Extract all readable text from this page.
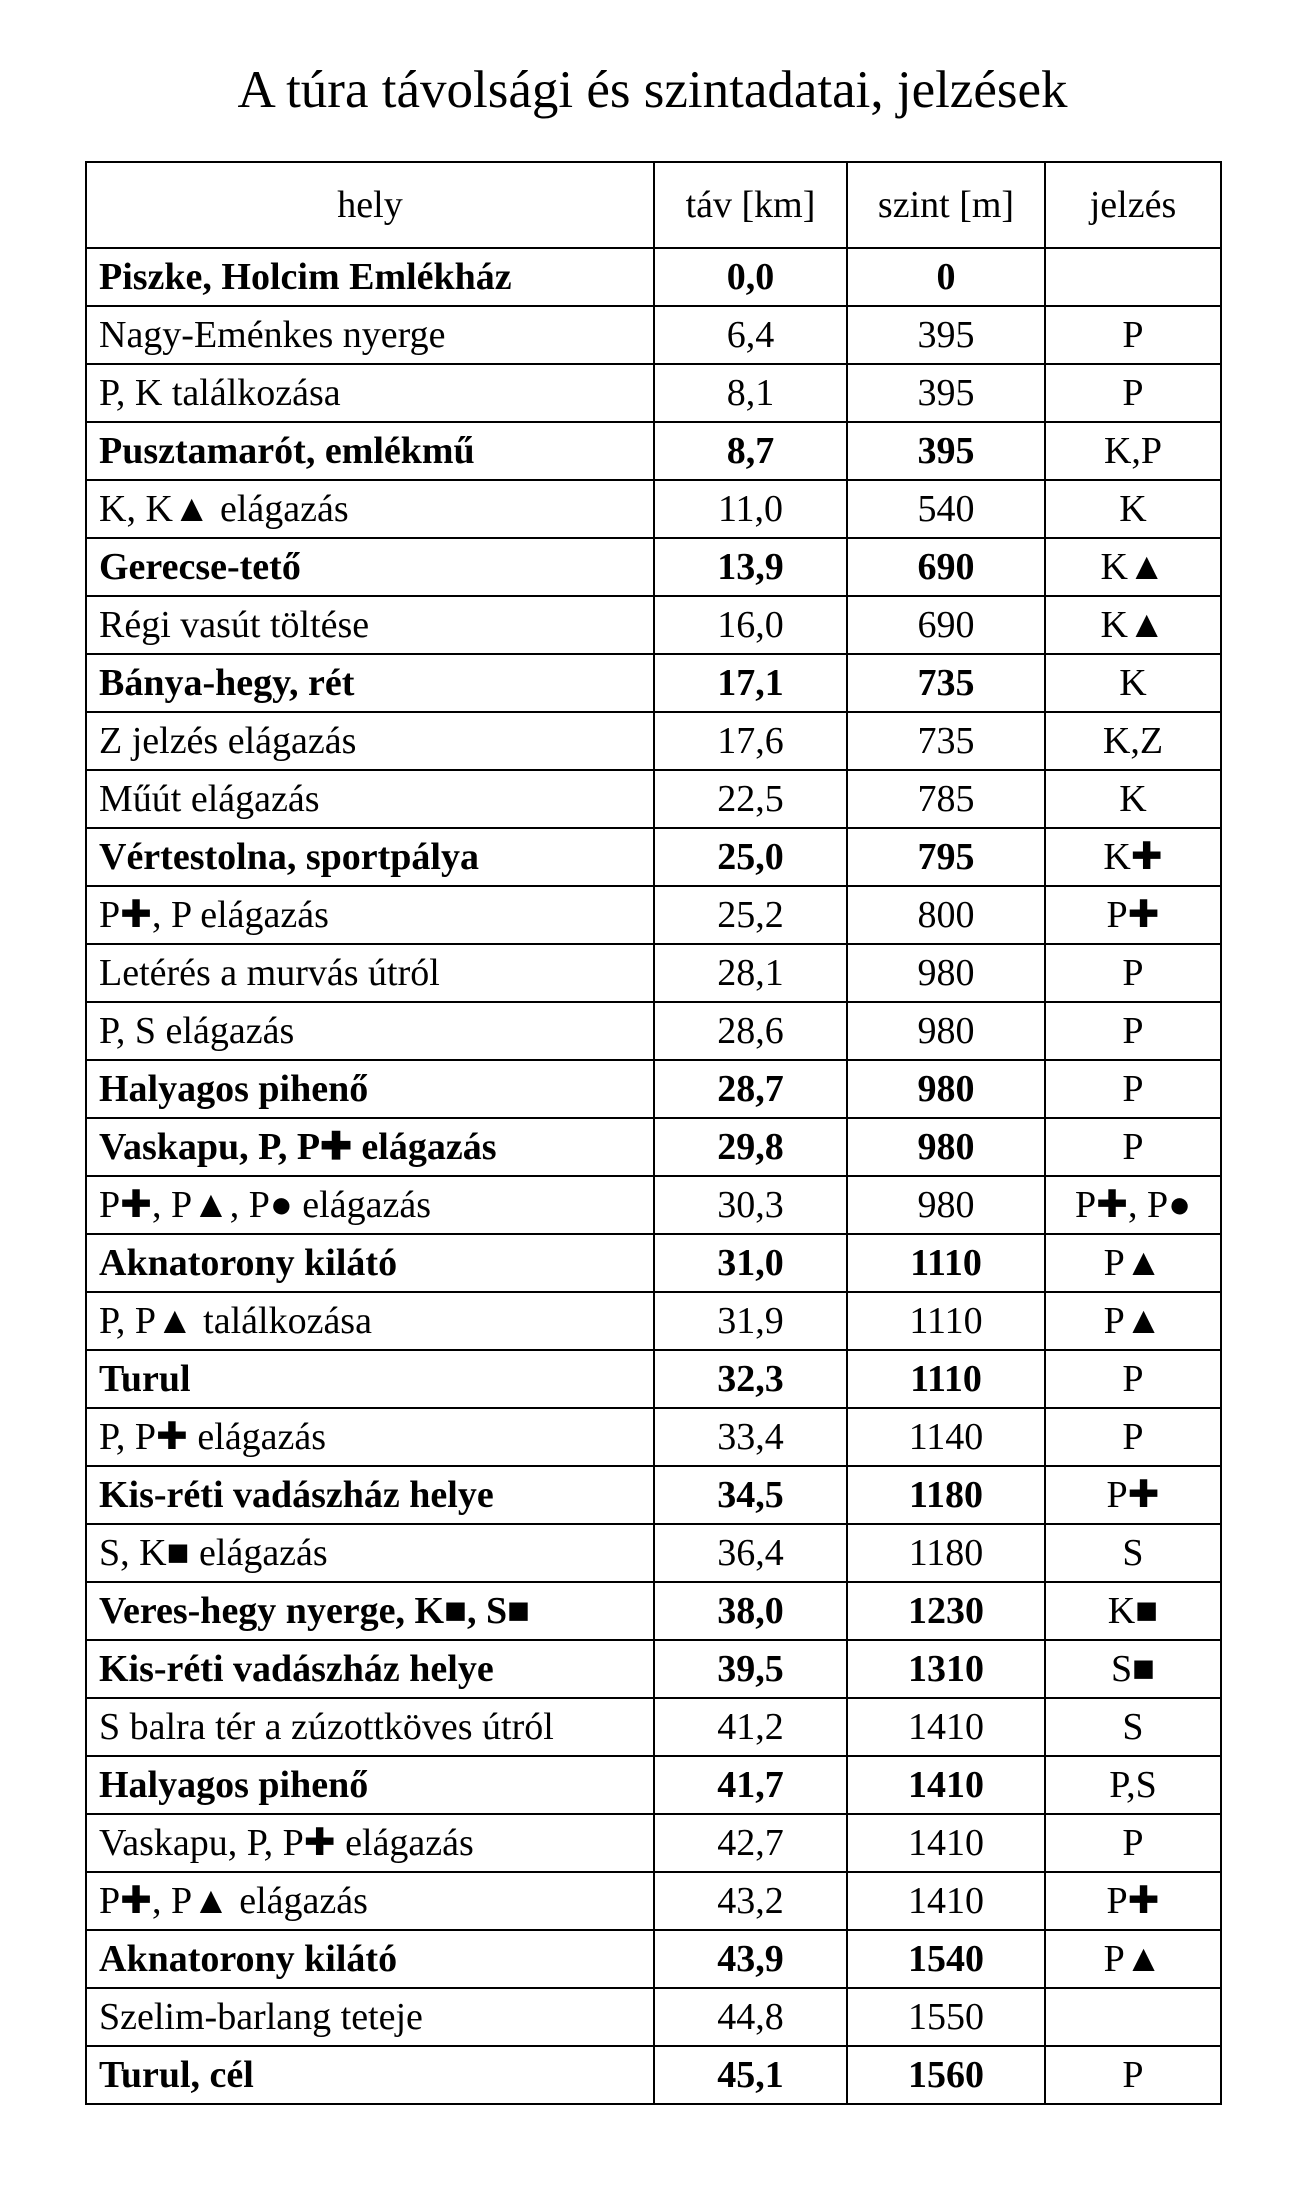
A túra távolsági és szintadatai, jelzések
hely	táv [km]	szint [m]	jelzés
Piszke, Holcim Emlékház	0,0	0	
Nagy-Eménkes nyerge	6,4	395	P
P, K találkozása	8,1	395	P
Pusztamarót, emlékmű	8,7	395	K,P
K, K▲ elágazás	11,0	540	K
Gerecse-tető	13,9	690	K▲
Régi vasút töltése	16,0	690	K▲
Bánya-hegy, rét	17,1	735	K
Z jelzés elágazás	17,6	735	K,Z
Műút elágazás	22,5	785	K
Vértestolna, sportpálya	25,0	795	K✚
P✚, P elágazás	25,2	800	P✚
Letérés a murvás útról	28,1	980	P
P, S elágazás	28,6	980	P
Halyagos pihenő	28,7	980	P
Vaskapu, P, P✚ elágazás	29,8	980	P
P✚, P▲, P● elágazás	30,3	980	P✚, P●
Aknatorony kilátó	31,0	1110	P▲
P, P▲ találkozása	31,9	1110	P▲
Turul	32,3	1110	P
P, P✚ elágazás	33,4	1140	P
Kis-réti vadászház helye	34,5	1180	P✚
S, K■ elágazás	36,4	1180	S
Veres-hegy nyerge, K■, S■	38,0	1230	K■
Kis-réti vadászház helye	39,5	1310	S■
S balra tér a zúzottköves útról	41,2	1410	S
Halyagos pihenő	41,7	1410	P,S
Vaskapu, P, P✚ elágazás	42,7	1410	P
P✚, P▲ elágazás	43,2	1410	P✚
Aknatorony kilátó	43,9	1540	P▲
Szelim-barlang teteje	44,8	1550	
Turul, cél	45,1	1560	P
